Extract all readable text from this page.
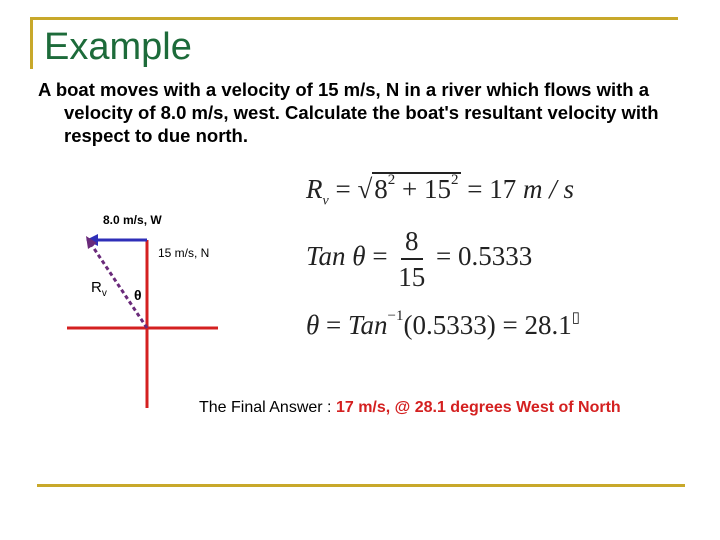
Example

A boat moves with a velocity of 15 m/s, N in a river which flows with a velocity of 8.0 m/s, west. Calculate the boat's resultant velocity with respect to due north.

8.0 m/s, W
15 m/s, N
$R_v$ θ
$R_v = √8^2 + 15^2 = 17$ m / s
Tan $\theta = \frac{8}{15} = 0.5333$
θ = Tan$^{-1}$(0.5333) = 28.1▯
The Final Answer : 17 m/s, @ 28.1 degrees West of North
